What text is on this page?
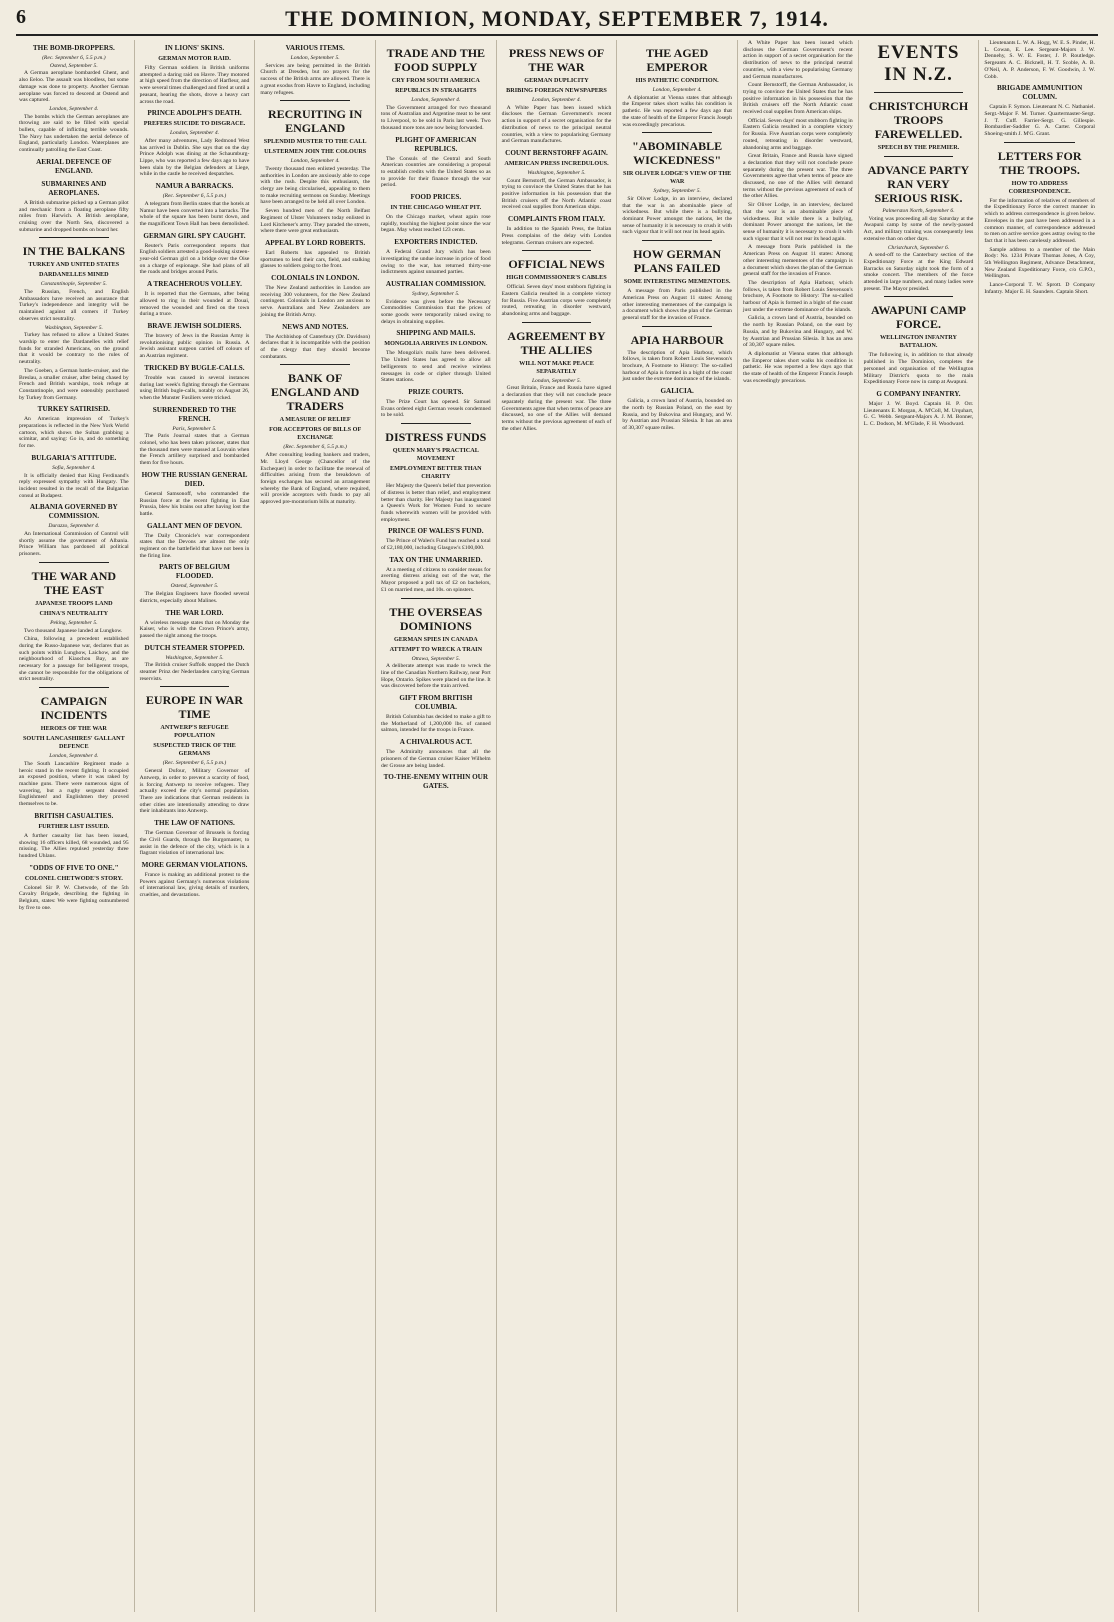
6	THE DOMINION, MONDAY, SEPTEMBER 7, 1914.
THE BOMB-DROPPERS.
(Rec. September 6, 5.5 p.m.)
Ostend, September 5.

A German aeroplane bombarded Ghent, and also Eeloo. The assault was bloodless, but some damage was done to property. Another German aeroplane was forced to descend at Ostend and was captured.

London, September 4.

The bombs which the German aeroplanes are throwing are said to be filled with special bullets, capable of inflicting terrible wounds. The Navy has undertaken the aerial defence of England, particularly London. Waterplanes are continually patrolling the East Coast.

AERIAL DEFENCE OF ENGLAND.
SUBMARINES AND AEROPLANES.

A British submarine picked up a German pilot and mechanic from a floating aeroplane fifty miles from Harwich. A British aeroplane, cruising over the North Sea, discovered a submarine and dropped bombs on board her.

IN THE BALKANS
TURKEY AND UNITED STATES
DARDANELLES MINED
Constantinople, September 5.

The Russian, French, and English Ambassadors have received an assurance that Turkey's independence and integrity will be maintained against all comers if Turkey observes strict neutrality.

Washington, September 5.

Turkey has refused to allow a United States warship to enter the Dardanelles with relief funds for stranded Americans, on the ground that it would be contrary to the rules of neutrality.

The Goeben, a German battle-cruiser, and the Breslau, a smaller cruiser, after being chased by French and British warships, took refuge at Constantinople, and were ostensibly purchased by Turkey from Germany.

TURKEY SATIRISED.

An American impression of Turkey's preparations is reflected in the New York World cartoon, which shows the Sultan grabbing a scimitar, and saying: Go in, and do something for me.

BULGARIA'S ATTITUDE.
Sofia, September 4.

It is officially denied that King Ferdinand's reply expressed sympathy with Hungary. The incident resulted in the recall of the Bulgarian consul at Budapest.

ALBANIA GOVERNED BY COMMISSION.
Durazzo, September 4.

An International Commission of Control will shortly assume the government of Albania. Prince William has pardoned all political prisoners.

THE WAR AND THE EAST
JAPANESE TROOPS LAND
CHINA'S NEUTRALITY
Peking, September 5.

Two thousand Japanese landed at Lungkow.

China, following a precedent established during the Russo-Japanese war, declares that as such points within Lunghow, Laichow, and the neighbourhood of Kiaochou Bay, as are necessary for a passage for belligerent troops, she cannot be responsible for the obligations of strict neutrality.

CAMPAIGN INCIDENTS
HEROES OF THE WAR
SOUTH LANCASHIRES' GALLANT DEFENCE
London, September 4.

The South Lancashire Regiment made a heroic stand in the recent fighting. It occupied an exposed position, where it was raked by machine guns. There were numerous signs of wavering, but a rugby sergeant shouted: Englishmen! and Englishmen they proved themselves to be.

BRITISH CASUALTIES.
FURTHER LIST ISSUED.

A further casualty list has been issued, showing 16 officers killed, 68 wounded, and 95 missing. The Allies repulsed yesterday three hundred Uhlans.

"ODDS OF FIVE TO ONE."
COLONEL CHETWODE'S STORY.

Colonel Sir P. W. Chetwode, of the 5th Cavalry Brigade, describing the fighting in Belgium, states: We were fighting outnumbered by five to one.

IN LIONS' SKINS.
GERMAN MOTOR RAID.

Fifty German soldiers in British uniforms attempted a daring raid on Havre. They motored at high speed from the direction of Harfleur, and were several times challenged and fired at until a peasant, hearing the shots, drove a heavy cart across the road.

PRINCE ADOLPH'S DEATH.
PREFERS SUICIDE TO DISGRACE.
London, September 4.

After many adventures, Lady Redmond West has arrived in Dublin. She says that on the day Prince Adolph was dining at the Schaumburg-Lippe, who was reported a few days ago to have been slain by the Belgian defenders at Liege, while in the castle he received despatches.

NAMUR A BARRACKS.
(Rec. September 6, 5.5 p.m.)

A telegram from Berlin states that the hotels at Namur have been converted into a barracks. The whole of the square has been burnt down, and the magnificent Town Hall has been demolished.

GERMAN GIRL SPY CAUGHT.

Reuter's Paris correspondent reports that English soldiers arrested a good-looking sixteen-year-old German girl on a bridge over the Oise on a charge of espionage. She had plans of all the roads and bridges around Paris.

A TREACHEROUS VOLLEY.

It is reported that the Germans, after being allowed to ring in their wounded at Douai, removed the wounded and fired on the town during a truce.

BRAVE JEWISH SOLDIERS.

The bravery of Jews in the Russian Army is revolutionising public opinion in Russia. A Jewish assistant surgeon carried off colours of an Austrian regiment.

TRICKED BY BUGLE-CALLS.

Trouble was caused in several instances during last week's fighting through the Germans using British bugle-calls, notably on August 26, when the Munster Fusiliers were tricked.

SURRENDERED TO THE FRENCH.
Paris, September 5.

The Paris Journal states that a German colonel, who has been taken prisoner, states that the thousand men were massed at Louvain when the French artillery surprised and bombarded them for five hours.

HOW THE RUSSIAN GENERAL DIED.

General Samsonoff, who commanded the Russian force at the recent fighting in East Prussia, blew his brains out after having lost the battle.

GALLANT MEN OF DEVON.

The Daily Chronicle's war correspondent states that the Devons are almost the only regiment on the battlefield that have not been in the firing line.

PARTS OF BELGIUM FLOODED.
Ostend, September 5.

The Belgian Engineers have flooded several districts, especially about Malines.

THE WAR LORD.

A wireless message states that on Monday the Kaiser, who is with the Crown Prince's army, passed the night among the troops.

DUTCH STEAMER STOPPED.
Washington, September 5.

The British cruiser Suffolk stopped the Dutch steamer Prinz der Nederlanden carrying German reservists.

EUROPE IN WAR TIME
ANTWERP'S REFUGEE POPULATION
SUSPECTED TRICK OF THE GERMANS
(Rec. September 6, 5.5 p.m.)

General Dufour, Military Governor of Antwerp, in order to prevent a scarcity of food, is forcing Antwerp to receive refugees. They actually exceed the city's normal population. There are indications that German residents in other cities are intentionally attending to draw their inhabitants into Antwerp.

THE LAW OF NATIONS.

The German Governor of Brussels is forcing the Civil Guards, through the Burgomaster, to assist in the defence of the city, which is in a flagrant violation of international law.

MORE GERMAN VIOLATIONS.

France is making an additional protest to the Powers against Germany's numerous violations of international law, giving details of murders, cruelties, and devastations.

VARIOUS ITEMS.
London, September 5.

Services are being permitted in the British Church at Dresden, but no prayers for the success of the British arms are allowed. There is a great exodus from Havre to England, including many refugees.

RECRUITING IN ENGLAND
SPLENDID MUSTER TO THE CALL
ULSTERMEN JOIN THE COLOURS
London, September 4.

Twenty thousand men enlisted yesterday. The authorities in London are anxiously able to cope with the rush. Despite this enthusiasm, the clergy are being circularised, appealing to them to make recruiting sermons on Sunday. Meetings have been arranged to be held all over London.

Seven hundred men of the North Belfast Regiment of Ulster Volunteers today enlisted in Lord Kitchener's army. They paraded the streets, where there were great enthusiasm.

APPEAL BY LORD ROBERTS.

Earl Roberts has appealed to British sportsmen to lend their cars, field, and stalking glasses to soldiers going to the front.

COLONIALS IN LONDON.

The New Zealand authorities in London are receiving 300 volunteers, for the New Zealand contingent. Colonials in London are anxious to serve. Australians and New Zealanders are joining the British Army.

NEWS AND NOTES.

The Archbishop of Canterbury (Dr. Davidson) declares that it is incompatible with the position of the clergy that they should become combatants.

BANK OF ENGLAND AND TRADERS
A MEASURE OF RELIEF
FOR ACCEPTORS OF BILLS OF EXCHANGE
(Rec. September 6, 5.5 p.m.)

After consulting leading bankers and traders, Mr. Lloyd George (Chancellor of the Exchequer) in order to facilitate the renewal of difficulties arising from the breakdown of foreign exchanges has secured an arrangement whereby the Bank of England, where required, will provide acceptors with funds to pay all approved pre-moratorium bills at maturity.

TRADE AND THE FOOD SUPPLY
CRY FROM SOUTH AMERICA
REPUBLICS IN STRAIGHTS
London, September 4.

The Government arranged for two thousand tons of Australian and Argentine meat to be sent to Liverpool, to be sold in Paris last week. Two thousand more tons are now being forwarded.

PLIGHT OF AMERICAN REPUBLICS.

The Consuls of the Central and South American countries are considering a proposal to establish credits with the United States so as to provide for their finance through the war period.

FOOD PRICES.
IN THE CHICAGO WHEAT PIT.

On the Chicago market, wheat again rose rapidly, touching the highest point since the war began. May wheat reached 123 cents.

EXPORTERS INDICTED.

A Federal Grand Jury which has been investigating the undue increase in price of food owing to the war, has returned thirty-one indictments against unnamed parties.

AUSTRALIAN COMMISSION.
Sydney, September 5.

Evidence was given before the Necessary Commodities Commission that the prices of some goods were temporarily raised owing to delays in obtaining supplies.

SHIPPING AND MAILS.
MONGOLIA ARRIVES IN LONDON.

The Mongolia's mails have been delivered. The United States has agreed to allow all belligerents to send and receive wireless messages in code or cipher through United States stations.

PRIZE COURTS.

The Prize Court has opened. Sir Samuel Evans ordered eight German vessels condemned to be sold.

DISTRESS FUNDS
QUEEN MARY'S PRACTICAL MOVEMENT
EMPLOYMENT BETTER THAN CHARITY

Her Majesty the Queen's belief that prevention of distress is better than relief, and employment better than charity. Her Majesty has inaugurated a Queen's Work for Women Fund to secure funds wherewith women will be provided with employment.

PRINCE OF WALES'S FUND.

The Prince of Wales's Fund has reached a total of £2,180,000, including Glasgow's £100,000.

TAX ON THE UNMARRIED.

At a meeting of citizens to consider means for averting distress arising out of the war, the Mayor proposed a poll tax of £2 on bachelors, £1 on married men, and 10s. on spinsters.

THE OVERSEAS DOMINIONS
GERMAN SPIES IN CANADA
ATTEMPT TO WRECK A TRAIN
Ottawa, September 5.

A deliberate attempt was made to wreck the line of the Canadian Northern Railway, near Port Hope, Ontario. Spikes were placed on the line. It was discovered before the train arrived.

GIFT FROM BRITISH COLUMBIA.

British Columbia has decided to make a gift to the Motherland of 1,200,000 lbs. of canned salmon, intended for the troops in France.

A CHIVALROUS ACT.

The Admiralty announces that all the prisoners of the German cruiser Kaiser Wilhelm der Grosse are being landed.

TO-THE-ENEMY WITHIN OUR GATES.
PRESS NEWS OF THE WAR
GERMAN DUPLICITY
BRIBING FOREIGN NEWSPAPERS
London, September 4.

A White Paper has been issued which discloses the German Government's recent action in support of a secret organisation for the distribution of news to the principal neutral countries, with a view to popularising Germany and German manufactures.

COUNT BERNSTORFF AGAIN.
AMERICAN PRESS INCREDULOUS.
Washington, September 5.

Count Bernstorff, the German Ambassador, is trying to convince the United States that he has positive information in his possession that the British cruisers off the North Atlantic coast received coal supplies from American ships.

COMPLAINTS FROM ITALY.

In addition to the Spanish Press, the Italian Press complains of the delay with London telegrams. German cruisers are expected.

OFFICIAL NEWS
HIGH COMMISSIONER'S CABLES

Official. Seven days' most stubborn fighting in Eastern Galicia resulted in a complete victory for Russia. Five Austrian corps were completely routed, retreating in disorder westward, abandoning arms and baggage.

AGREEMENT BY THE ALLIES
WILL NOT MAKE PEACE SEPARATELY
London, September 5.

Great Britain, France and Russia have signed a declaration that they will not conclude peace separately during the present war. The three Governments agree that when terms of peace are discussed, no one of the Allies will demand terms without the previous agreement of each of the other Allies.

THE AGED EMPEROR
HIS PATHETIC CONDITION.
London, September 4.

A diplomatist at Vienna states that although the Emperor takes short walks his condition is pathetic. He was reported a few days ago that the state of health of the Emperor Francis Joseph was exceedingly precarious.

"ABOMINABLE WICKEDNESS"
SIR OLIVER LODGE'S VIEW OF THE WAR
Sydney, September 5.

Sir Oliver Lodge, in an interview, declared that the war is an abominable piece of wickedness. But while there is a bullying, dominant Power amongst the nations, let the sense of humanity it is necessary to crush it with such vigour that it will not rear its head again.

HOW GERMAN PLANS FAILED
SOME INTERESTING MEMENTOES.

A message from Paris published in the American Press on August 11 states: Among other interesting mementoes of the campaign is a document which shows the plan of the German general staff for the invasion of France.

APIA HARBOUR

The description of Apia Harbour, which follows, is taken from Robert Louis Stevenson's brochure, A Footnote to History: The so-called harbour of Apia is formed in a bight of the coast just under the extreme dominance of the islands.

GALICIA.

Galicia, a crown land of Austria, bounded on the north by Russian Poland, on the east by Russia, and by Bukovina and Hungary, and W. by Austrian and Prussian Silesia. It has an area of 30,307 square miles.

A White Paper has been issued which discloses the German Government's recent action in support of a secret organisation for the distribution of news to the principal neutral countries, with a view to popularising Germany and German manufactures.

Count Bernstorff, the German Ambassador, is trying to convince the United States that he has positive information in his possession that the British cruisers off the North Atlantic coast received coal supplies from American ships.

Official. Seven days' most stubborn fighting in Eastern Galicia resulted in a complete victory for Russia. Five Austrian corps were completely routed, retreating in disorder westward, abandoning arms and baggage.

Great Britain, France and Russia have signed a declaration that they will not conclude peace separately during the present war. The three Governments agree that when terms of peace are discussed, no one of the Allies will demand terms without the previous agreement of each of the other Allies.

Sir Oliver Lodge, in an interview, declared that the war is an abominable piece of wickedness. But while there is a bullying, dominant Power amongst the nations, let the sense of humanity it is necessary to crush it with such vigour that it will not rear its head again.

A message from Paris published in the American Press on August 11 states: Among other interesting mementoes of the campaign is a document which shows the plan of the German general staff for the invasion of France.

The description of Apia Harbour, which follows, is taken from Robert Louis Stevenson's brochure, A Footnote to History: The so-called harbour of Apia is formed in a bight of the coast just under the extreme dominance of the islands.

Galicia, a crown land of Austria, bounded on the north by Russian Poland, on the east by Russia, and by Bukovina and Hungary, and W. by Austrian and Prussian Silesia. It has an area of 30,307 square miles.

A diplomatist at Vienna states that although the Emperor takes short walks his condition is pathetic. He was reported a few days ago that the state of health of the Emperor Francis Joseph was exceedingly precarious.

EVENTS IN N.Z.
CHRISTCHURCH TROOPS FAREWELLED.
SPEECH BY THE PREMIER.
ADVANCE PARTY RAN VERY SERIOUS RISK.
Palmerston North, September 6.

Voting was proceeding all day Saturday at the Awapuni camp by some of the newly-passed Act, and military training was consequently less extensive than on other days.

Christchurch, September 6.

A send-off to the Canterbury section of the Expeditionary Force at the King Edward Barracks on Saturday night took the form of a smoke concert. The members of the force attended in large numbers, and many ladies were present. The Mayor presided.

AWAPUNI CAMP FORCE.
WELLINGTON INFANTRY BATTALION.

The following is, in addition to that already published in The Dominion, completes the personnel and organisation of the Wellington Military District's quota to the main Expeditionary Force now in camp at Awapuni.

G COMPANY INFANTRY.

Major J. W. Boyd. Captain H. P. Orr. Lieutenants E. Morgan, A. M'Coll, M. Urquhart, G. C. Webb. Sergeant-Majors A. J. M. Bonner, L. C. Dodson, M. M'Glade, F. H. Woodward.

Lieutenants L. W. A. Hogg, W. E. S. Pinder, H. L. Cowan, E. Lee. Sergeant-Majors J. W. Dennehy, S. W. E. Foster, J. P. Routledge. Sergeants A. C. Bicknell, H. T. Scoble, A. B. O'Neil, A. P. Anderson, F. W. Goodwin, J. W. Cobb.

BRIGADE AMMUNITION COLUMN.

Captain F. Symon. Lieutenant N. C. Nathaniel. Sergt.-Major F. M. Turner. Quartermaster-Sergt. J. T. Cuff. Farrier-Sergt. G. Gillespie. Bombardier-Saddler G. A. Carter. Corporal Shoeing-smith J. M'G. Grant.

LETTERS FOR THE TROOPS.
HOW TO ADDRESS CORRESPONDENCE.

For the information of relatives of members of the Expeditionary Force the correct manner in which to address correspondence is given below. Envelopes in the past have been addressed in a common manner, of correspondence addressed to men on active service goes astray owing to the fact that it has been carelessly addressed.

Sample address to a member of the Main Body: No. 1234 Private Thomas Jones, A Coy, 5th Wellington Regiment, Advance Detachment, New Zealand Expeditionary Force, c/o G.P.O., Wellington.

Lance-Corporal T. W. Sprott. D Company Infantry. Major E. H. Saunders. Captain Short.
